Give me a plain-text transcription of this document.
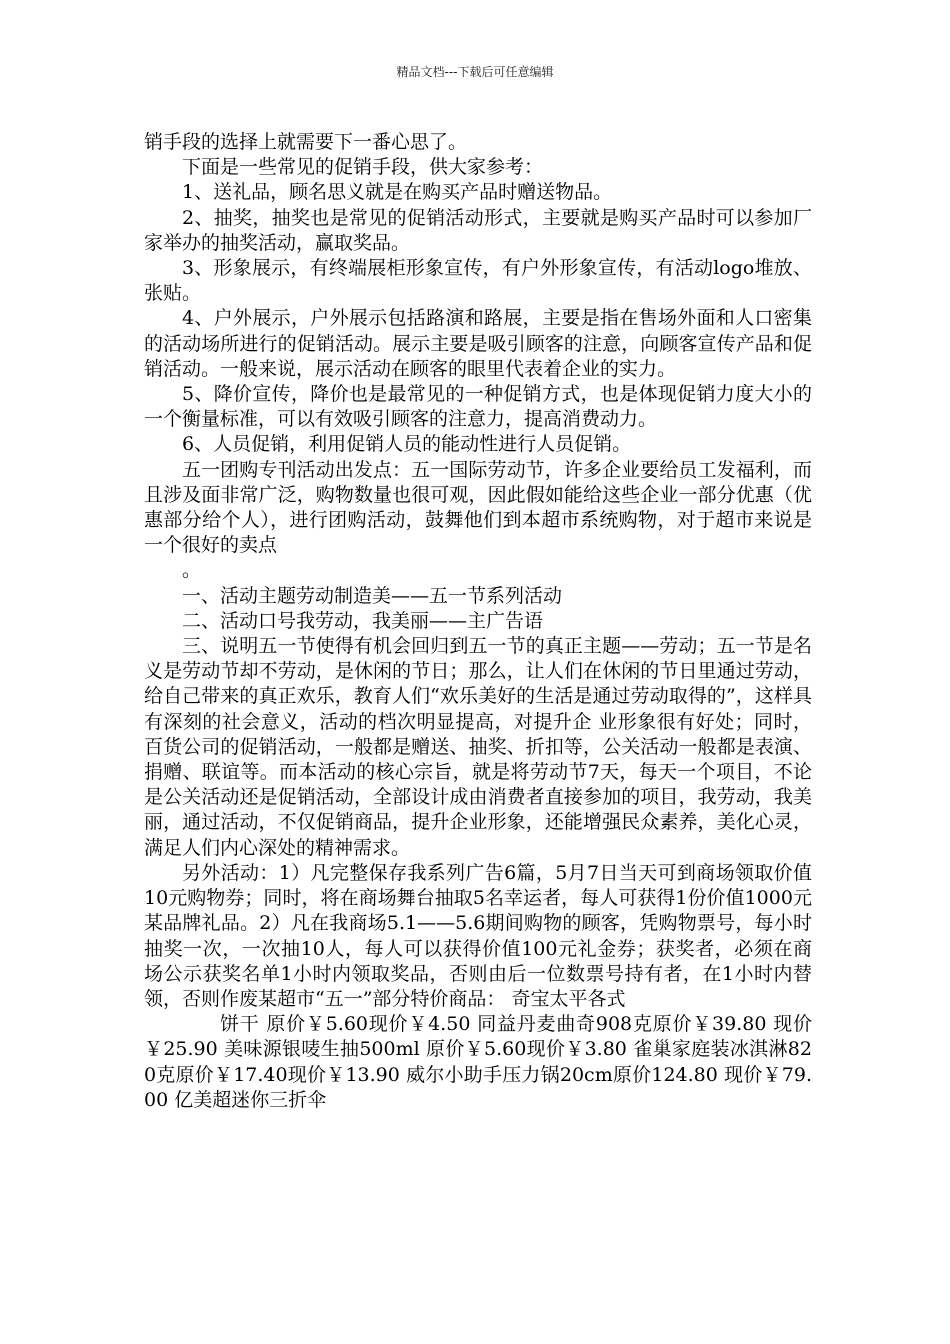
精品文档---下载后可任意编辑

销手段的选择上就需要下一番心思了。

下面是一些常见的促销手段，供大家参考：

1、送礼品，顾名思义就是在购买产品时赠送物品。

2、抽奖，抽奖也是常见的促销活动形式，主要就是购买产品时可以参加厂家举办的抽奖活动，赢取奖品。

3、形象展示，有终端展柜形象宣传，有户外形象宣传，有活动logo堆放、张贴。

4、户外展示，户外展示包括路演和路展，主要是指在售场外面和人口密集的活动场所进行的促销活动。展示主要是吸引顾客的注意，向顾客宣传产品和促销活动。一般来说，展示活动在顾客的眼里代表着企业的实力。

5、降价宣传，降价也是最常见的一种促销方式，也是体现促销力度大小的一个衡量标准，可以有效吸引顾客的注意力，提高消费动力。

6、人员促销，利用促销人员的能动性进行人员促销。

五一团购专刊活动出发点：五一国际劳动节，许多企业要给员工发福利，而且涉及面非常广泛，购物数量也很可观，因此假如能给这些企业一部分优惠（优惠部分给个人），进行团购活动，鼓舞他们到本超市系统购物，对于超市来说是一个很好的卖点

。

一、活动主题劳动制造美——五一节系列活动

二、活动口号我劳动，我美丽——主广告语

三、说明五一节使得有机会回归到五一节的真正主题——劳动；五一节是名义是劳动节却不劳动，是休闲的节日；那么，让人们在休闲的节日里通过劳动，给自己带来的真正欢乐，教育人们“欢乐美好的生活是通过劳动取得的”，这样具有深刻的社会意义，活动的档次明显提高，对提升企 业形象很有好处；同时，百货公司的促销活动，一般都是赠送、抽奖、折扣等，公关活动一般都是表演、捐赠、联谊等。而本活动的核心宗旨，就是将劳动节7天，每天一个项目，不论是公关活动还是促销活动，全部设计成由消费者直接参加的项目，我劳动，我美丽，通过活动，不仅促销商品，提升企业形象，还能增强民众素养，美化心灵，满足人们内心深处的精神需求。

另外活动：1）凡完整保存我系列广告6篇，5月7日当天可到商场领取价值10元购物券；同时，将在商场舞台抽取5名幸运者，每人可获得1份价值1000元某品牌礼品。2）凡在我商场5.1——5.6期间购物的顾客，凭购物票号，每小时抽奖一次，一次抽10人，每人可以获得价值100元礼金券；获奖者，必须在商场公示获奖名单1小时内领取奖品，否则由后一位数票号持有者，在1小时内替领，否则作废某超市“五一”部分特价商品： 奇宝太平各式

饼干 原价￥5.60现价￥4.50 同益丹麦曲奇908克原价￥39.80 现价￥25.90 美味源银唛生抽500ml 原价￥5.60现价￥3.80 雀巢家庭装冰淇淋820克原价￥17.40现价￥13.90 威尔小助手压力锅20cm原价124.80 现价￥79.00 亿美超迷你三折伞
